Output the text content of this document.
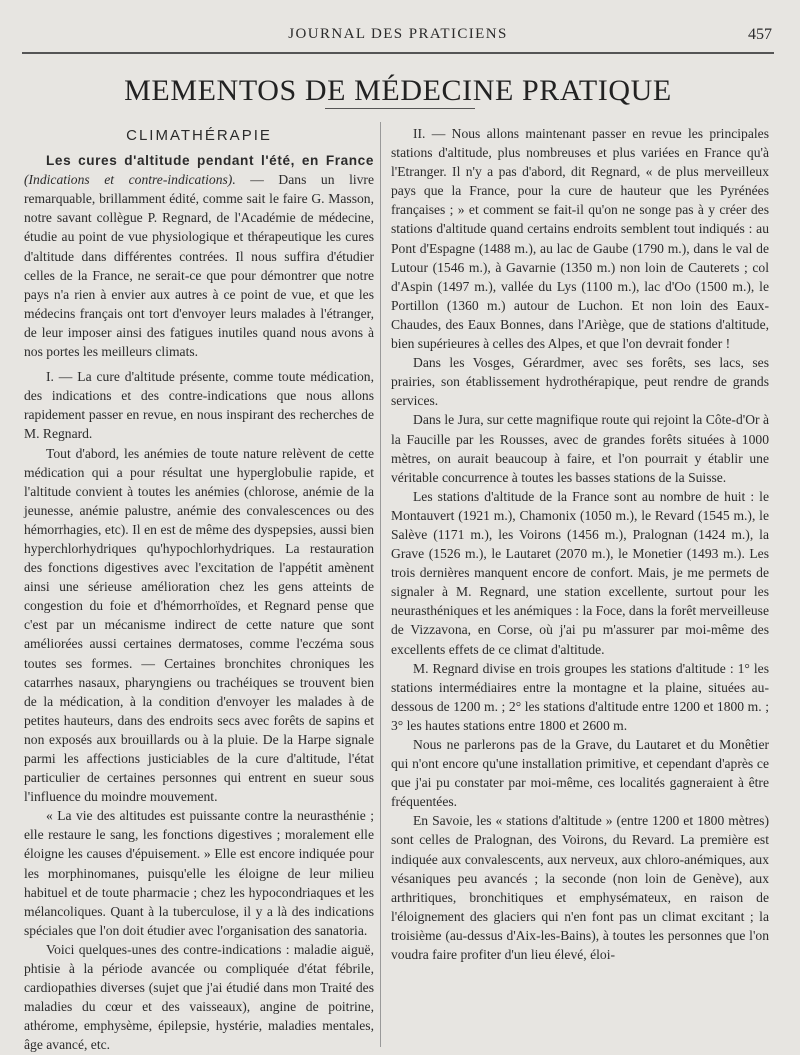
JOURNAL DES PRATICIENS	457
MEMENTOS DE MÉDECINE PRATIQUE
CLIMATHÉRAPIE

Les cures d'altitude pendant l'été, en France (Indications et contre-indications). — Dans un livre remarquable, brillamment édité, comme sait le faire G. Masson, notre savant collègue P. Regnard, de l'Académie de médecine, étudie au point de vue physiologique et thérapeutique les cures d'altitude dans différentes contrées. Il nous suffira d'étudier celles de la France, ne serait-ce que pour démontrer que notre pays n'a rien à envier aux autres à ce point de vue, et que les médecins français ont tort d'envoyer leurs malades à l'étranger, de leur imposer ainsi des fatigues inutiles quand nous avons à nos portes les meilleurs climats.

I. — La cure d'altitude présente, comme toute médication, des indications et des contre-indications que nous allons rapidement passer en revue, en nous inspirant des recherches de M. Regnard.

Tout d'abord, les anémies de toute nature relèvent de cette médication qui a pour résultat une hyperglobulie rapide, et l'altitude convient à toutes les anémies (chlorose, anémie de la jeunesse, anémie palustre, anémie des convalescences ou des hémorrhagies, etc). Il en est de même des dyspepsies, aussi bien hyperchlorhydriques qu'hypochlorhydriques. La restauration des fonctions digestives avec l'excitation de l'appétit amènent ainsi une sérieuse amélioration chez les gens atteints de congestion du foie et d'hémorrhoïdes, et Regnard pense que c'est par un mécanisme indirect de cette nature que sont améliorées aussi certaines dermatoses, comme l'eczéma sous toutes ses formes. — Certaines bronchites chroniques les catarrhes nasaux, pharyngiens ou trachéiques se trouvent bien de la médication, à la condition d'envoyer les malades à de petites hauteurs, dans des endroits secs avec forêts de sapins et non exposés aux brouillards ou à la pluie. De la Harpe signale parmi les affections justiciables de la cure d'altitude, l'état particulier de certaines personnes qui entrent en sueur sous l'influence du moindre mouvement.

« La vie des altitudes est puissante contre la neurasthénie ; elle restaure le sang, les fonctions digestives ; moralement elle éloigne les causes d'épuisement. » Elle est encore indiquée pour les morphinomanes, puisqu'elle les éloigne de leur milieu habituel et de toute pharmacie ; chez les hypocondriaques et les mélancoliques. Quant à la tuberculose, il y a là des indications spéciales que l'on doit étudier avec l'organisation des sanatoria.

Voici quelques-unes des contre-indications : maladie aiguë, phtisie à la période avancée ou compliquée d'état fébrile, cardiopathies diverses (sujet que j'ai étudié dans mon Traité des maladies du cœur et des vaisseaux), angine de poitrine, athérome, emphysème, épilepsie, hystérie, maladies mentales, âge avancé, etc.

II. — Nous allons maintenant passer en revue les principales stations d'altitude, plus nombreuses et plus variées en France qu'à l'Etranger. Il n'y a pas d'abord, dit Regnard, « de plus merveilleux pays que la France, pour la cure de hauteur que les Pyrénées françaises ; » et comment se fait-il qu'on ne songe pas à y créer des stations d'altitude quand certains endroits semblent tout indiqués : au Pont d'Espagne (1488 m.), au lac de Gaube (1790 m.), dans le val de Lutour (1546 m.), à Gavarnie (1350 m.) non loin de Cauterets ; col d'Aspin (1497 m.), vallée du Lys (1100 m.), lac d'Oo (1500 m.), le Portillon (1360 m.) autour de Luchon. Et non loin des Eaux-Chaudes, des Eaux Bonnes, dans l'Ariège, que de stations d'altitude, bien supérieures à celles des Alpes, et que l'on devrait fonder !

Dans les Vosges, Gérardmer, avec ses forêts, ses lacs, ses prairies, son établissement hydrothérapique, peut rendre de grands services.

Dans le Jura, sur cette magnifique route qui rejoint la Côte-d'Or à la Faucille par les Rousses, avec de grandes forêts situées à 1000 mètres, on aurait beaucoup à faire, et l'on pourrait y établir une véritable concurrence à toutes les basses stations de la Suisse.

Les stations d'altitude de la France sont au nombre de huit : le Montauvert (1921 m.), Chamonix (1050 m.), le Revard (1545 m.), le Salève (1171 m.), les Voirons (1456 m.), Pralognan (1424 m.), la Grave (1526 m.), le Lautaret (2070 m.), le Monetier (1493 m.). Les trois dernières manquent encore de confort. Mais, je me permets de signaler à M. Regnard, une station excellente, surtout pour les neurasthéniques et les anémiques : la Foce, dans la forêt merveilleuse de Vizzavona, en Corse, où j'ai pu m'assurer par moi-même des excellents effets de ce climat d'altitude.

M. Regnard divise en trois groupes les stations d'altitude : 1° les stations intermédiaires entre la montagne et la plaine, situées au-dessous de 1200 m. ; 2° les stations d'altitude entre 1200 et 1800 m. ; 3° les hautes stations entre 1800 et 2600 m.

Nous ne parlerons pas de la Grave, du Lautaret et du Monêtier qui n'ont encore qu'une installation primitive, et cependant d'après ce que j'ai pu constater par moi-même, ces localités gagneraient à être fréquentées.

En Savoie, les « stations d'altitude » (entre 1200 et 1800 mètres) sont celles de Pralognan, des Voirons, du Revard. La première est indiquée aux convalescents, aux nerveux, aux chloro-anémiques, aux vésaniques peu avancés ; la seconde (non loin de Genève), aux arthritiques, bronchitiques et emphysémateux, en raison de l'éloignement des glaciers qui n'en font pas un climat excitant ; la troisième (au-dessus d'Aix-les-Bains), à toutes les personnes que l'on voudra faire profiter d'un lieu élevé, éloi-
